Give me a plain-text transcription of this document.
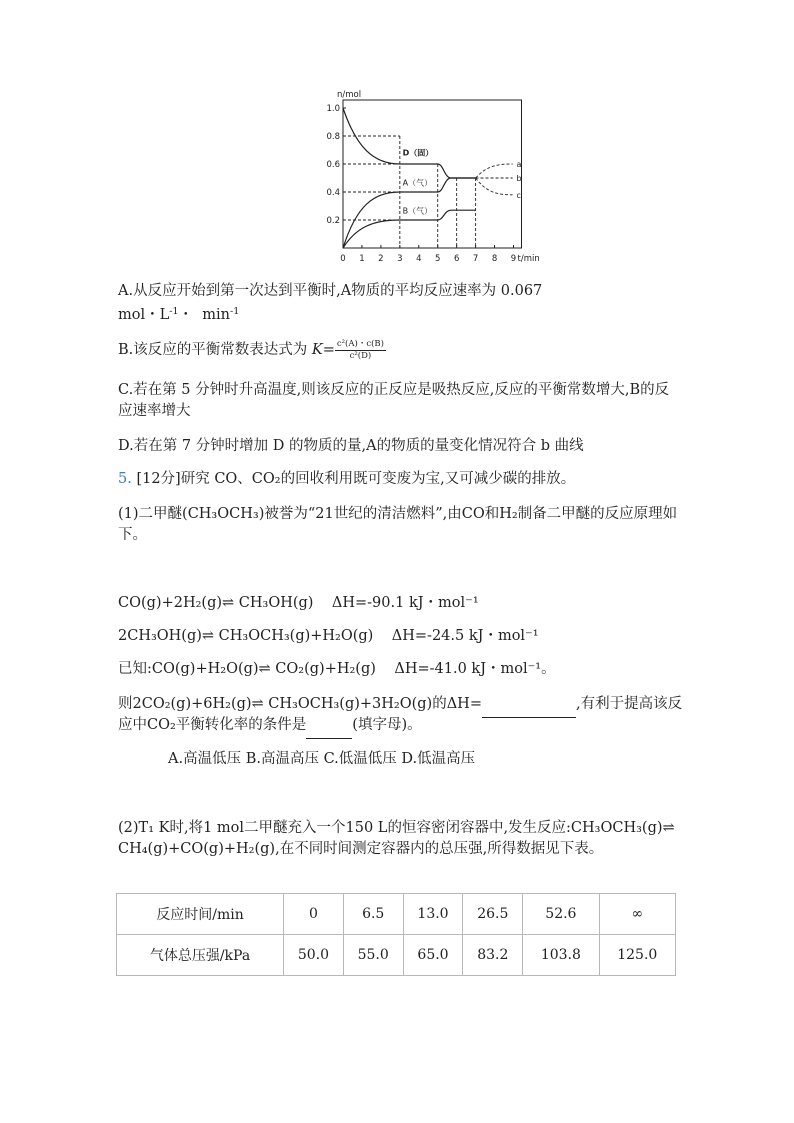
0 1 2 3 4 5 6 7 8 9
0.2
0.4
0.6
0.8
1.0
n/mol
t/min
D（固）
A（气）
B（气）
a
b
c

A.从反应开始到第一次达到平衡时,A物质的平均反应速率为 0.067

mol・$L^{-1}$・  $\min^{-1}$

B.该反应的平衡常数表达式为 $K= \frac{\text{c²(A)・c(B)}}{\text{c²(D)}}$

C.若在第 5 分钟时升高温度,则该反应的正反应是吸热反应,反应的平衡常数增大,B的反应速率增大

D.若在第 7 分钟时增加 D 的物质的量,A的物质的量变化情况符合 b 曲线

5. [12分]研究 CO、CO₂的回收利用既可变废为宝,又可减少碳的排放。

(1)二甲醚(CH₃OCH₃)被誉为“21世纪的清洁燃料”,由CO和H₂制备二甲醚的反应原理如下。

CO(g)+2H₂(g)⇌ CH₃OH(g) ΔH=-90.1 kJ・mol⁻¹

2CH₃OH(g)⇌ CH₃OCH₃(g)+H₂O(g) ΔH=-24.5 kJ・mol⁻¹

已知:CO(g)+H₂O(g)⇌ CO₂(g)+H₂(g) ΔH=-41.0 kJ・mol⁻¹。

则2CO₂(g)+6H₂(g)⇌ CH₃OCH₃(g)+3H₂O(g)的ΔH=	,有利于提高该反

应中CO₂平衡转化率的条件是	(填字母)。

A.高温低压 B.高温高压 C.低温低压 D.低温高压

(2)T₁ K时,将1 mol二甲醚充入一个150 L的恒容密闭容器中,发生反应:CH₃OCH₃(g)⇌ CH₄(g)+CO(g)+H₂(g),在不同时间测定容器内的总压强,所得数据见下表。

反应时间/min	0	6.5	13.0	26.5	52.6	∞
气体总压强/kPa	50.0	55.0	65.0	83.2	103.8	125.0
